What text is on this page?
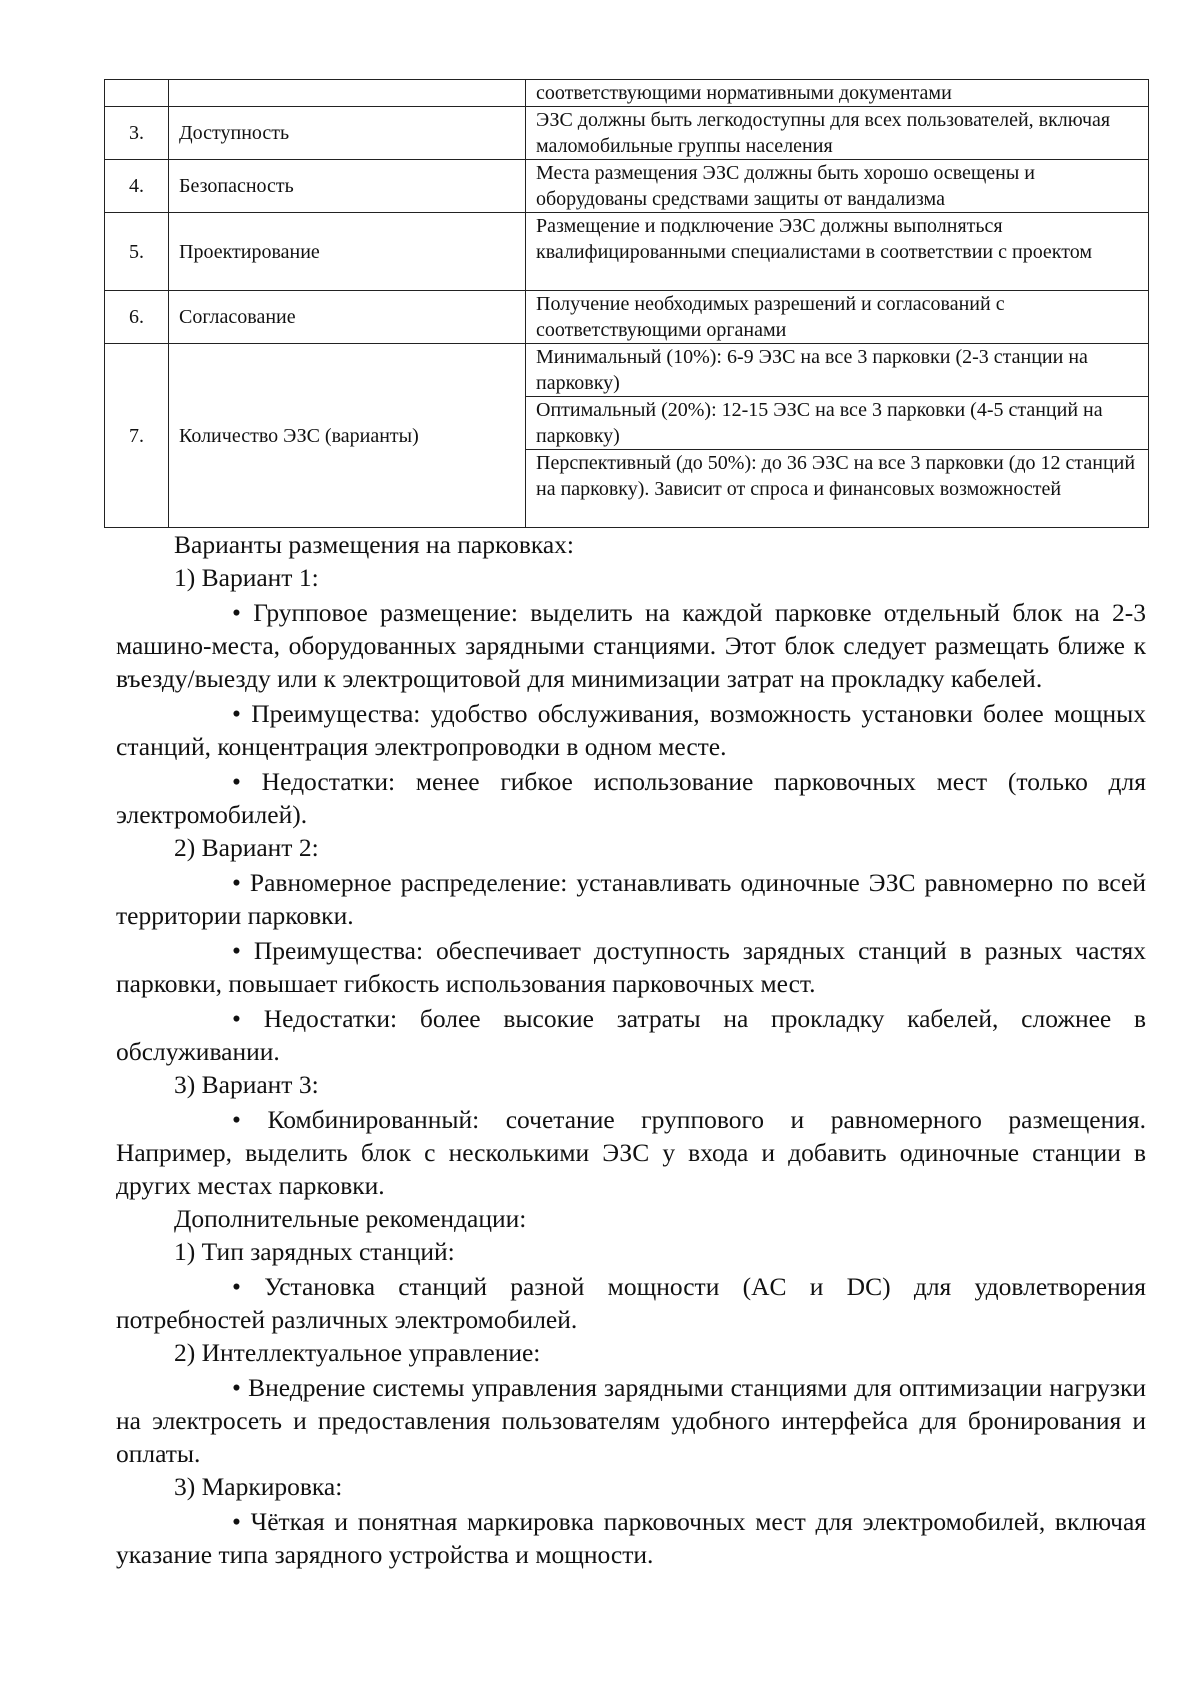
		соответствующими нормативными документами
3.	Доступность	ЭЗС должны быть легкодоступны для всех пользователей, включая маломобильные группы населения
4.	Безопасность	Места размещения ЭЗС должны быть хорошо освещены и оборудованы средствами защиты от вандализма
5.	Проектирование	Размещение и подключение ЭЗС должны выполняться квалифицированными специалистами в соответствии с проектом
6.	Согласование	Получение необходимых разрешений и согласований с соответствующими органами
7.	Количество ЭЗС (варианты)	Минимальный (10%): 6-9 ЭЗС на все 3 парковки (2-3 станции на парковку)
		Оптимальный (20%): 12-15 ЭЗС на все 3 парковки (4-5 станций на парковку)
		Перспективный (до 50%): до 36 ЭЗС на все 3 парковки (до 12 станций на парковку). Зависит от спроса и финансовых возможностей

Варианты размещения на парковках:

1) Вариант 1:

• Групповое размещение: выделить на каждой парковке отдельный блок на 2-3 машино-места, оборудованных зарядными станциями. Этот блок следует размещать ближе к въезду/выезду или к электрощитовой для минимизации затрат на прокладку кабелей.

• Преимущества: удобство обслуживания, возможность установки более мощных станций, концентрация электропроводки в одном месте.

• Недостатки: менее гибкое использование парковочных мест (только для электромобилей).

2) Вариант 2:

• Равномерное распределение: устанавливать одиночные ЭЗС равномерно по всей территории парковки.

• Преимущества: обеспечивает доступность зарядных станций в разных частях парковки, повышает гибкость использования парковочных мест.

• Недостатки: более высокие затраты на прокладку кабелей, сложнее в обслуживании.

3) Вариант 3:

• Комбинированный: сочетание группового и равномерного размещения. Например, выделить блок с несколькими ЭЗС у входа и добавить одиночные станции в других местах парковки.

Дополнительные рекомендации:

1) Тип зарядных станций:

• Установка станций разной мощности (AC и DC) для удовлетворения потребностей различных электромобилей.

2) Интеллектуальное управление:

• Внедрение системы управления зарядными станциями для оптимизации нагрузки на электросеть и предоставления пользователям удобного интерфейса для бронирования и оплаты.

3) Маркировка:

• Чёткая и понятная маркировка парковочных мест для электромобилей, включая указание типа зарядного устройства и мощности.
